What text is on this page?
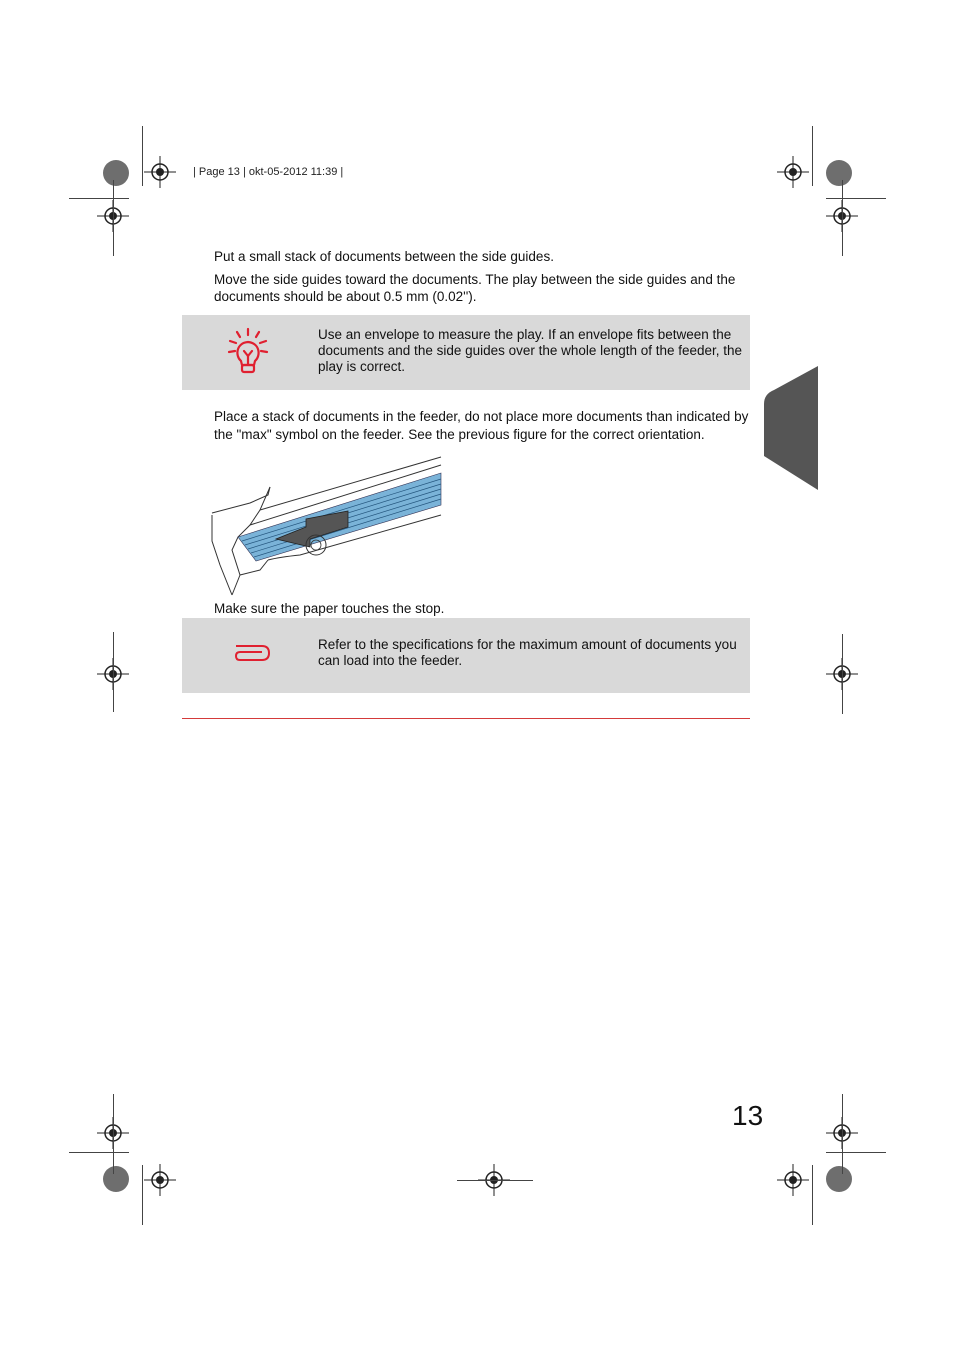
| Page 13 | okt-05-2012 11:39 |
Put a small stack of documents between the side guides.
Move the side guides toward the documents. The play between the side guides and the documents should be about 0.5 mm (0.02'').
Use an envelope to measure the play. If an envelope fits between the documents and the side guides over the whole length of the feeder, the play is correct.
Place a stack of documents in the feeder, do not place more documents than indicated by the "max" symbol on the feeder. See the previous figure for the correct orientation.
Make sure the paper touches the stop.
Refer to the specifications for the maximum amount of documents you can load into the feeder.
13
